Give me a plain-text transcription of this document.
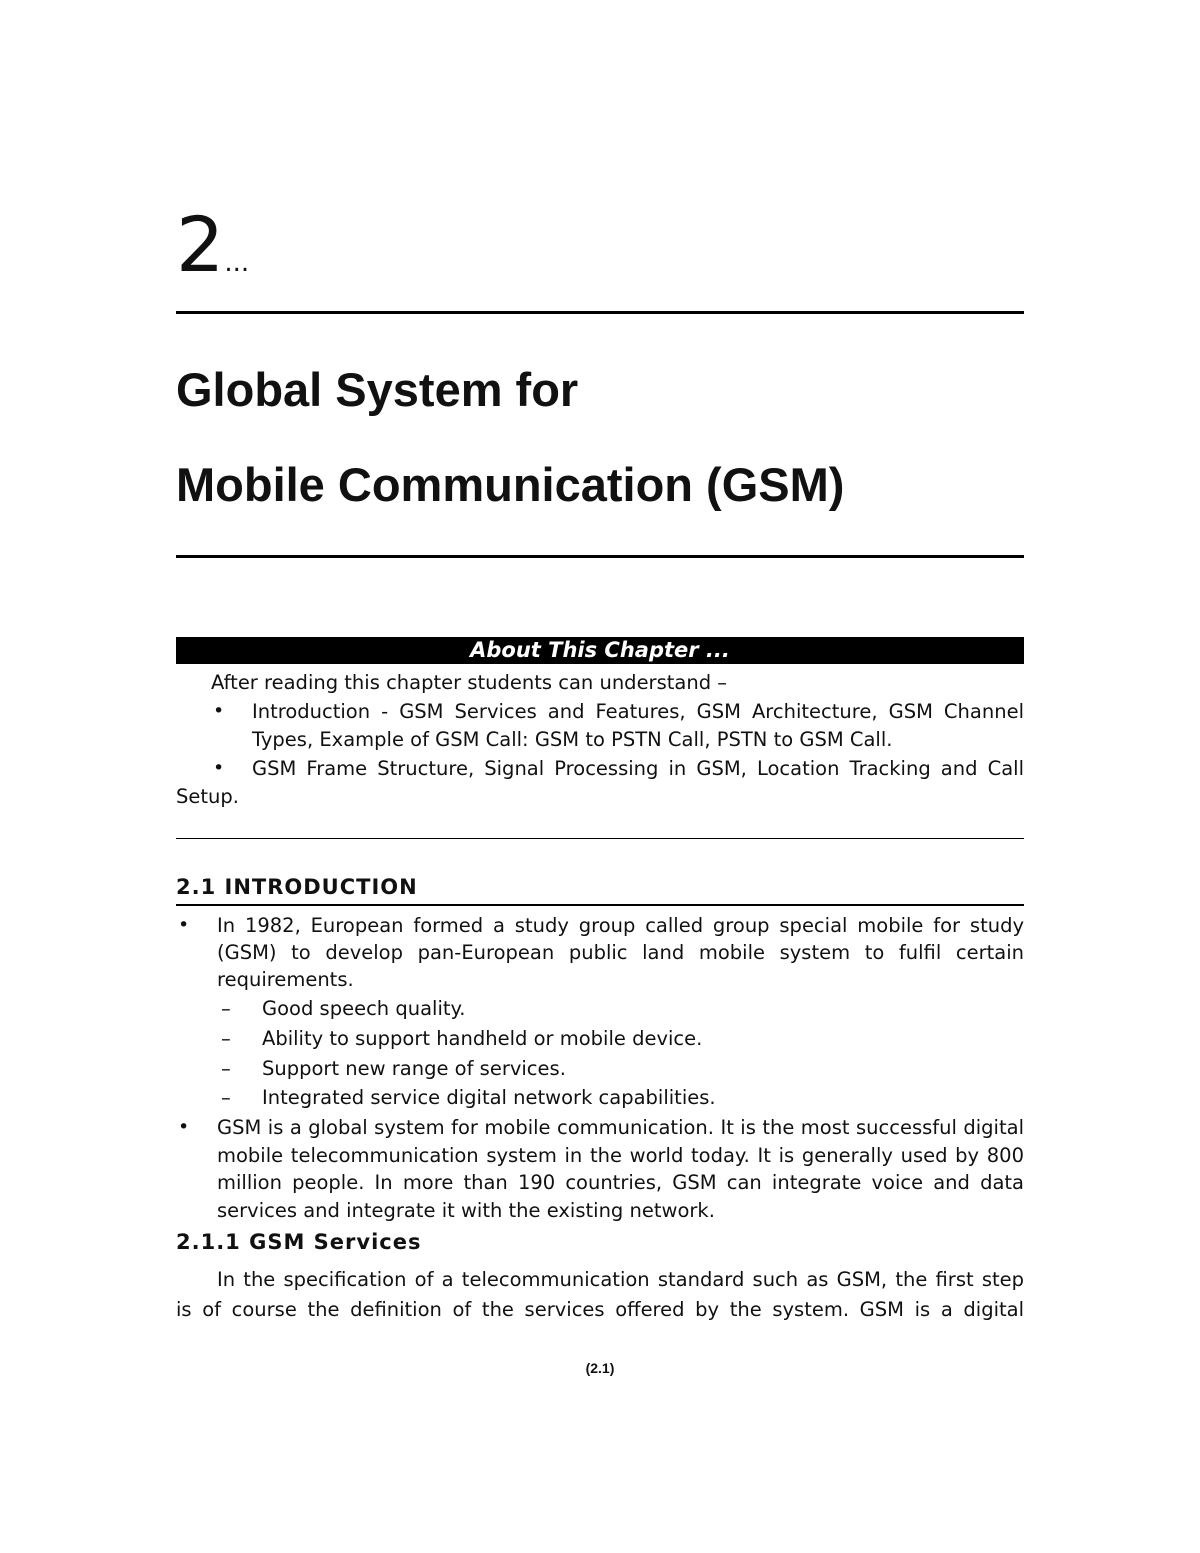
2...
Global System for
Mobile Communication (GSM)
About This Chapter ...
After reading this chapter students can understand –
• Introduction - GSM Services and Features, GSM Architecture, GSM Channel Types, Example of GSM Call: GSM to PSTN Call, PSTN to GSM Call.
• GSM Frame Structure, Signal Processing in GSM, Location Tracking and Call
Setup.
2.1 INTRODUCTION
• In 1982, European formed a study group called group special mobile for study (GSM) to develop pan-European public land mobile system to fulfil certain requirements.
– Good speech quality.
– Ability to support handheld or mobile device.
– Support new range of services.
– Integrated service digital network capabilities.
• GSM is a global system for mobile communication. It is the most successful digital mobile telecommunication system in the world today. It is generally used by 800 million people. In more than 190 countries, GSM can integrate voice and data services and integrate it with the existing network.
2.1.1 GSM Services
In the specification of a telecommunication standard such as GSM, the first step
is of course the definition of the services offered by the system. GSM is a digital
(2.1)
